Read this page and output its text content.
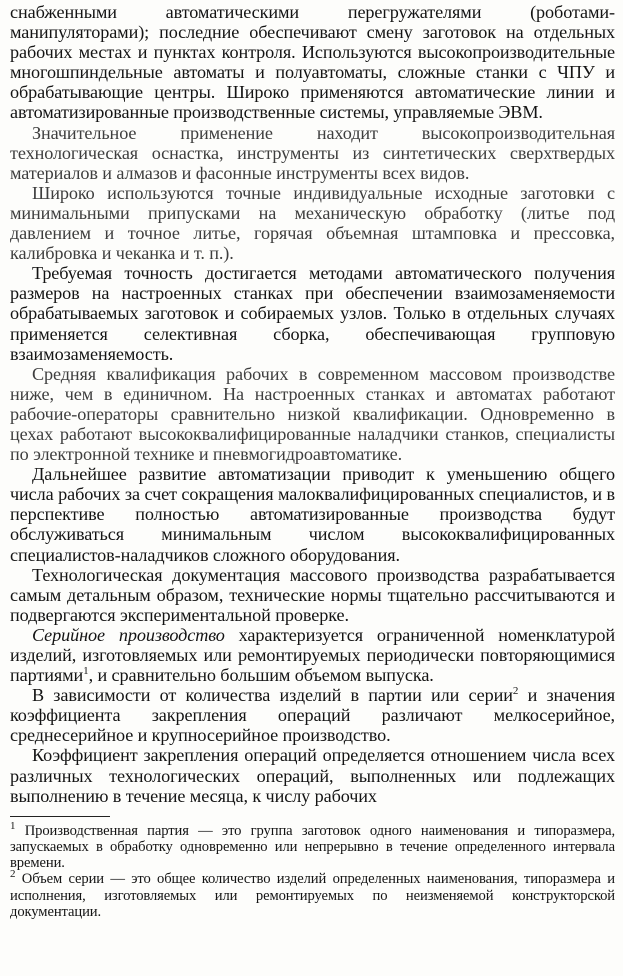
снабженными автоматическими перегружателями (роботами-манипуляторами); последние обеспечивают смену заготовок на отдельных рабочих местах и пунктах контроля. Используются высокопроизводительные многошпиндельные автоматы и полуавтоматы, сложные станки с ЧПУ и обрабатывающие центры. Широко применяются автоматические линии и автоматизированные производственные системы, управляемые ЭВМ.

Значительное применение находит высокопроизводительная технологическая оснастка, инструменты из синтетических сверхтвердых материалов и алмазов и фасонные инструменты всех видов.

Широко используются точные индивидуальные исходные заготовки с минимальными припусками на механическую обработку (литье под давлением и точное литье, горячая объемная штамповка и прессовка, калибровка и чеканка и т. п.).

Требуемая точность достигается методами автоматического получения размеров на настроенных станках при обеспечении взаимозаменяемости обрабатываемых заготовок и собираемых узлов. Только в отдельных случаях применяется селективная сборка, обеспечивающая групповую взаимозаменяемость.

Средняя квалификация рабочих в современном массовом производстве ниже, чем в единичном. На настроенных станках и автоматах работают рабочие-операторы сравнительно низкой квалификации. Одновременно в цехах работают высококвалифицированные наладчики станков, специалисты по электронной технике и пневмогидроавтоматике.

Дальнейшее развитие автоматизации приводит к уменьшению общего числа рабочих за счет сокращения малоквалифицированных специалистов, и в перспективе полностью автоматизированные производства будут обслуживаться минимальным числом высококвалифицированных специалистов-наладчиков сложного оборудования.

Технологическая документация массового производства разрабатывается самым детальным образом, технические нормы тщательно рассчитываются и подвергаются экспериментальной проверке.

Серийное производство характеризуется ограниченной номенклатурой изделий, изготовляемых или ремонтируемых периодически повторяющимися партиями$^1$, и сравнительно большим объемом выпуска.

В зависимости от количества изделий в партии или серии$^2$ и значения коэффициента закрепления операций различают мелкосерийное, среднесерийное и крупносерийное производство.

Коэффициент закрепления операций определяется отношением числа всех различных технологических операций, выполненных или подлежащих выполнению в течение месяца, к числу рабочих

$^1$ Производственная партия — это группа заготовок одного наименования и типоразмера, запускаемых в обработку одновременно или непрерывно в течение определенного интервала времени.

$^2$ Объем серии — это общее количество изделий определенных наименования, типоразмера и исполнения, изготовляемых или ремонтируемых по неизменяемой конструкторской документации.
